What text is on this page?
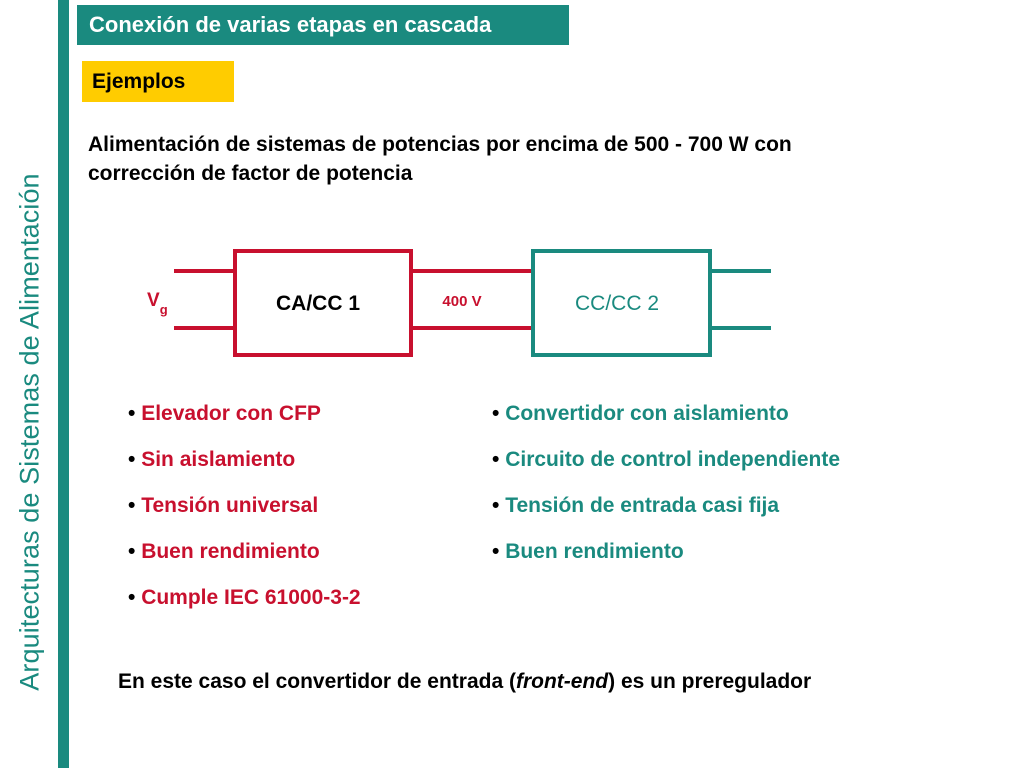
Arquitecturas de Sistemas de Alimentación
Conexión de varias etapas en cascada
Ejemplos

Alimentación de sistemas de potencias por encima de 500 - 700 W con

corrección de factor de potencia

$V_g$	CA/CC 1	400 V	CC/CC 2
• Elevador con CFP
• Sin aislamiento
• Tensión universal
• Buen rendimiento
• Cumple IEC 61000-3-2
• Convertidor con aislamiento
• Circuito de control independiente
• Tensión de entrada casi fija
• Buen rendimiento
En este caso el convertidor de entrada (front-end) es un preregulador
